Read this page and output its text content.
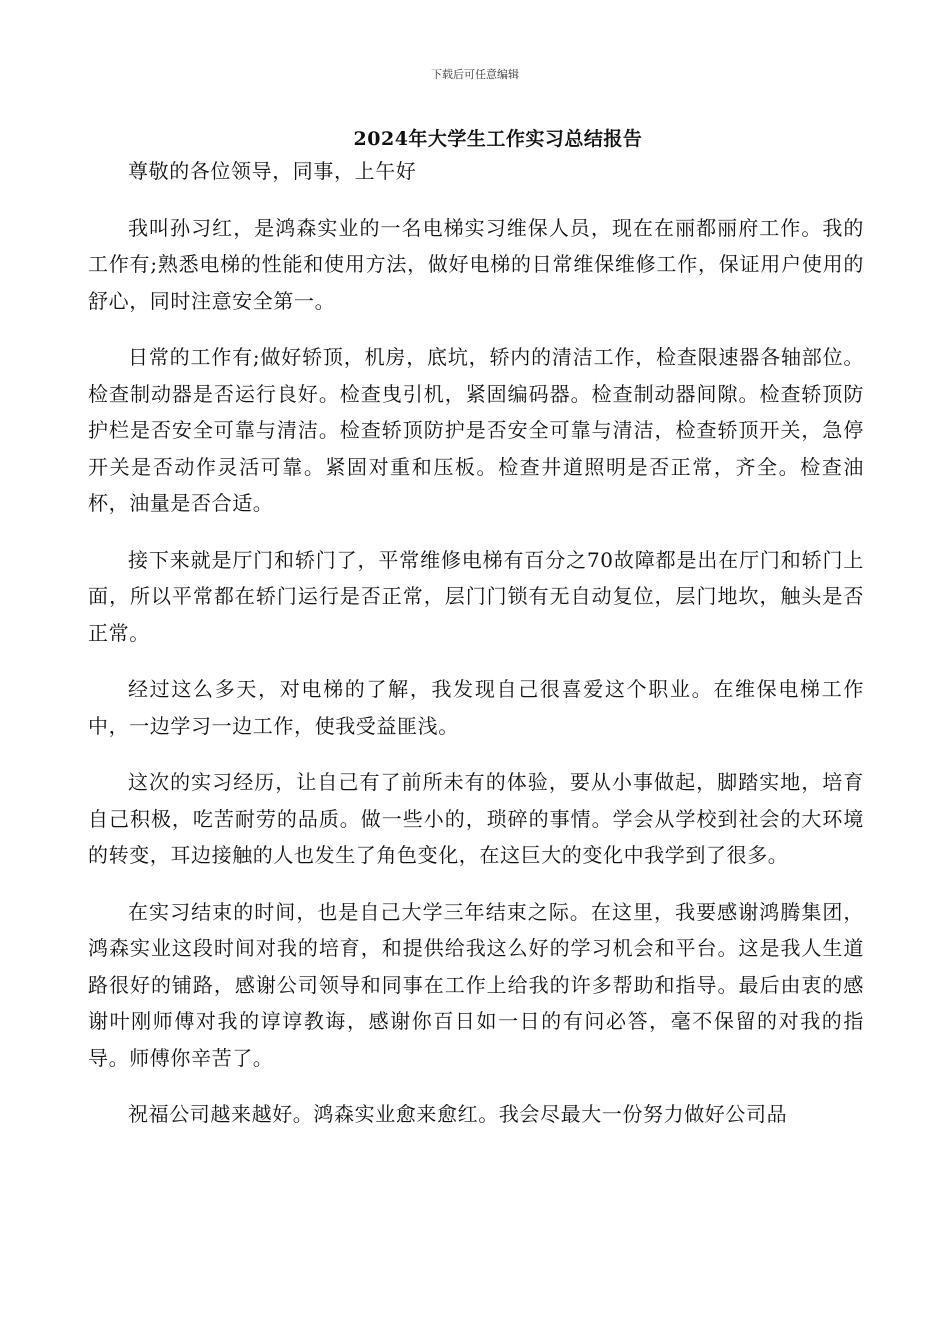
下载后可任意编辑
2024年大学生工作实习总结报告

尊敬的各位领导，同事，上午好

我叫孙习红，是鸿森实业的一名电梯实习维保人员，现在在丽都丽府工作。我的工作有;熟悉电梯的性能和使用方法，做好电梯的日常维保维修工作，保证用户使用的舒心，同时注意安全第一。

日常的工作有;做好轿顶，机房，底坑，轿内的清洁工作，检查限速器各轴部位。检查制动器是否运行良好。检查曳引机，紧固编码器。检查制动器间隙。检查轿顶防护栏是否安全可靠与清洁。检查轿顶防护是否安全可靠与清洁，检查轿顶开关，急停开关是否动作灵活可靠。紧固对重和压板。检查井道照明是否正常，齐全。检查油杯，油量是否合适。

接下来就是厅门和轿门了，平常维修电梯有百分之70故障都是出在厅门和轿门上面，所以平常都在轿门运行是否正常，层门门锁有无自动复位，层门地坎，触头是否正常。

经过这么多天，对电梯的了解，我发现自己很喜爱这个职业。在维保电梯工作中，一边学习一边工作，使我受益匪浅。

这次的实习经历，让自己有了前所未有的体验，要从小事做起，脚踏实地，培育自己积极，吃苦耐劳的品质。做一些小的，琐碎的事情。学会从学校到社会的大环境的转变，耳边接触的人也发生了角色变化，在这巨大的变化中我学到了很多。

在实习结束的时间，也是自己大学三年结束之际。在这里，我要感谢鸿腾集团，鸿森实业这段时间对我的培育，和提供给我这么好的学习机会和平台。这是我人生道路很好的铺路，感谢公司领导和同事在工作上给我的许多帮助和指导。最后由衷的感谢叶刚师傅对我的谆谆教诲，感谢你百日如一日的有问必答，毫不保留的对我的指导。师傅你辛苦了。

祝福公司越来越好。鸿森实业愈来愈红。我会尽最大一份努力做好公司品
